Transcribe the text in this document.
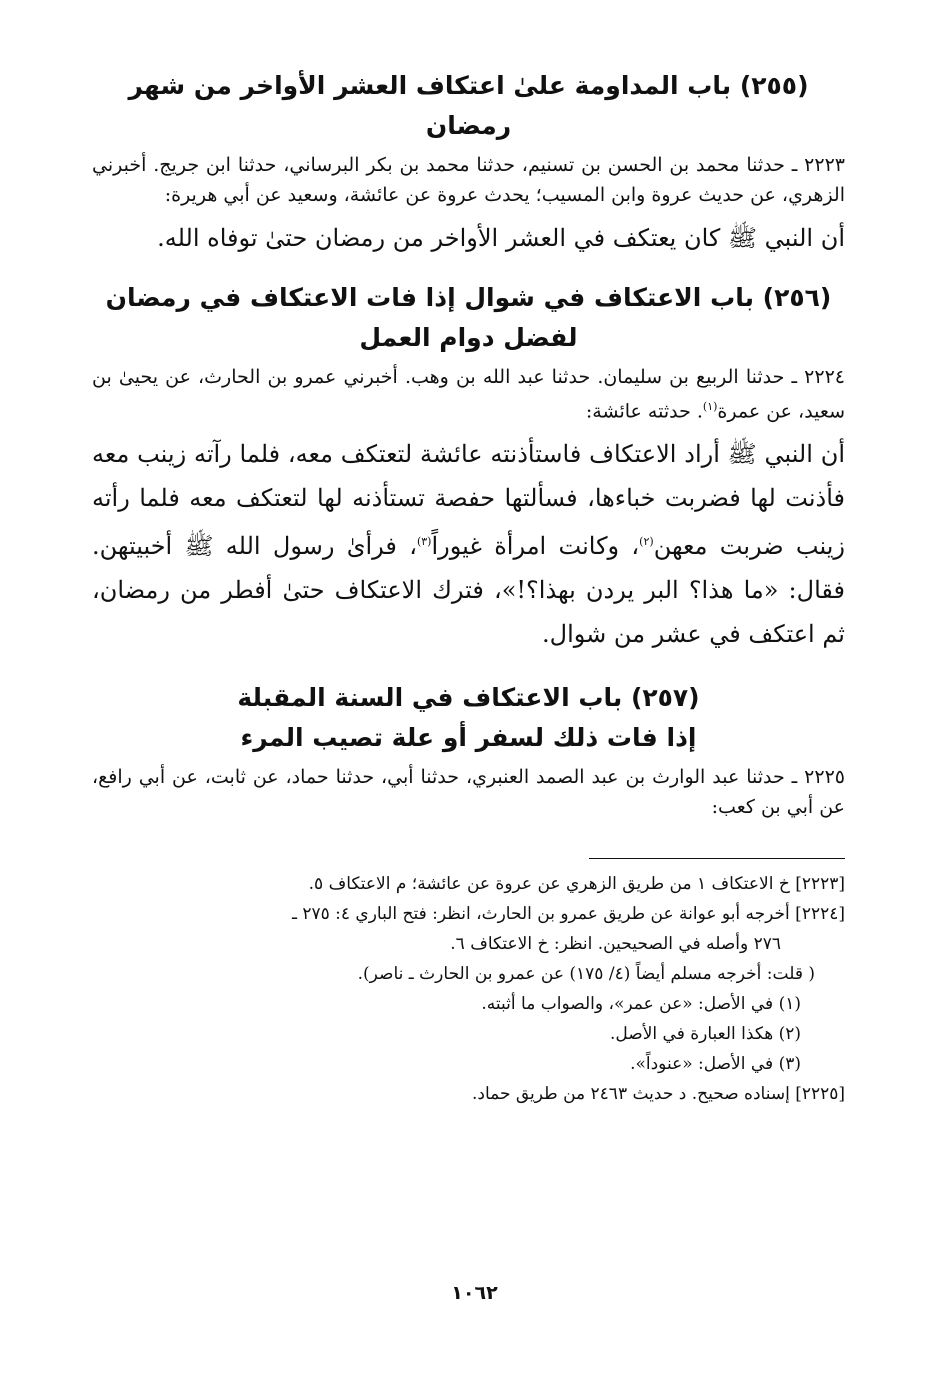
(٢٥٥) باب المداومة علىٰ اعتكاف العشر الأواخر من شهر رمضان

٢٢٢٣ ـ حدثنا محمد بن الحسن بن تسنيم، حدثنا محمد بن بكر البرساني، حدثنا ابن جريج. أخبرني الزهري، عن حديث عروة وابن المسيب؛ يحدث عروة عن عائشة، وسعيد عن أبي هريرة:

أن النبي ﷺ كان يعتكف في العشر الأواخر من رمضان حتىٰ توفاه الله.

(٢٥٦) باب الاعتكاف في شوال إذا فات الاعتكاف في رمضان
لفضل دوام العمل

٢٢٢٤ ـ حدثنا الربيع بن سليمان. حدثنا عبد الله بن وهب. أخبرني عمرو بن الحارث، عن يحيىٰ بن سعيد، عن عمرة$^{(١)}$. حدثته عائشة:

أن النبي ﷺ أراد الاعتكاف فاستأذنته عائشة لتعتكف معه، فلما رآته زينب معه فأذنت لها فضربت خباءها، فسألتها حفصة تستأذنه لها لتعتكف معه فلما رأته زينب ضربت معهن$^{(٢)}$، وكانت امرأة غيوراً$^{(٣)}$، فرأىٰ رسول الله ﷺ أخبيتهن. فقال: «ما هذا؟ البر يردن بهذا؟!»، فترك الاعتكاف حتىٰ أفطر من رمضان، ثم اعتكف في عشر من شوال.

(٢٥٧) باب الاعتكاف في السنة المقبلة
إذا فات ذلك لسفر أو علة تصيب المرء

٢٢٢٥ ـ حدثنا عبد الوارث بن عبد الصمد العنبري، حدثنا أبي، حدثنا حماد، عن ثابت، عن أبي رافع، عن أبي بن كعب:

[٢٢٢٣] خ الاعتكاف ١ من طريق الزهري عن عروة عن عائشة؛ م الاعتكاف ٥.

[٢٢٢٤] أخرجه أبو عوانة عن طريق عمرو بن الحارث، انظر: فتح الباري ٤: ٢٧٥ ـ

٢٧٦ وأصله في الصحيحين. انظر: خ الاعتكاف ٦.

( قلت: أخرجه مسلم أيضاً (٤/ ١٧٥) عن عمرو بن الحارث ـ ناصر).

(١) في الأصل: «عن عمر»، والصواب ما أثبته.

(٢) هكذا العبارة في الأصل.

(٣) في الأصل: «عنوداً».

[٢٢٢٥] إسناده صحيح. د حديث ٢٤٦٣ من طريق حماد.

١٠٦٢
